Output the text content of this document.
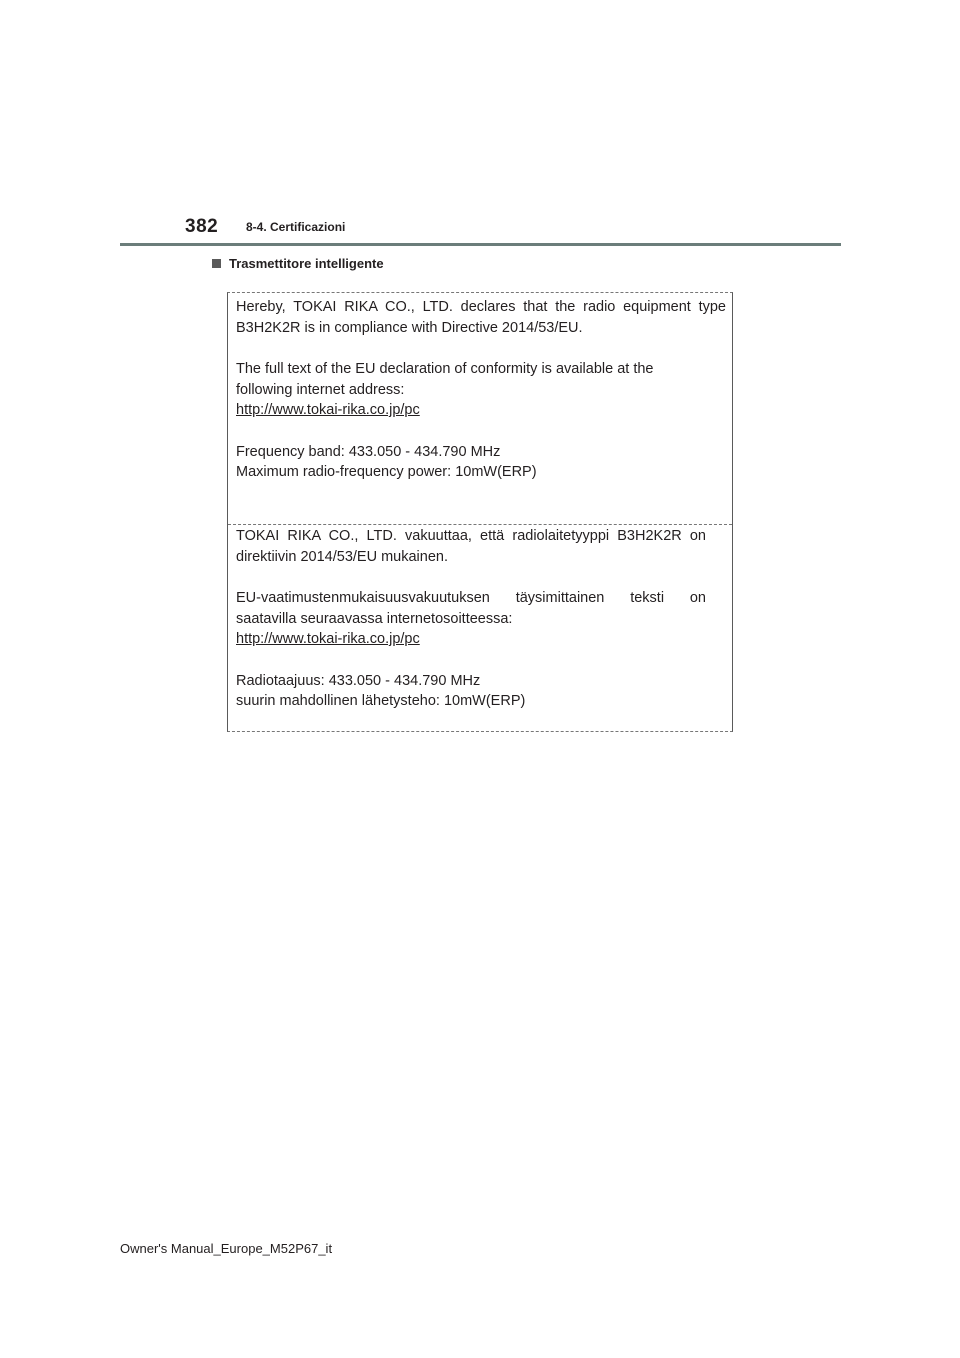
382 8-4. Certificazioni
Trasmettitore intelligente

Hereby, TOKAI RIKA CO., LTD. declares that the radio equipment type

B3H2K2R is in compliance with Directive 2014/53/EU.

The full text of the EU declaration of conformity is available at the

following internet address:

http://www.tokai-rika.co.jp/pc

Frequency band: 433.050 - 434.790 MHz

Maximum radio-frequency power: 10mW(ERP)

TOKAI RIKA CO., LTD. vakuuttaa, että radiolaitetyyppi B3H2K2R on

direktiivin 2014/53/EU mukainen.

EU-vaatimustenmukaisuusvakuutuksen täysimittainen teksti on

saatavilla seuraavassa internetosoitteessa:

http://www.tokai-rika.co.jp/pc

Radiotaajuus: 433.050 - 434.790 MHz

suurin mahdollinen lähetysteho: 10mW(ERP)

Owner's Manual_Europe_M52P67_it
